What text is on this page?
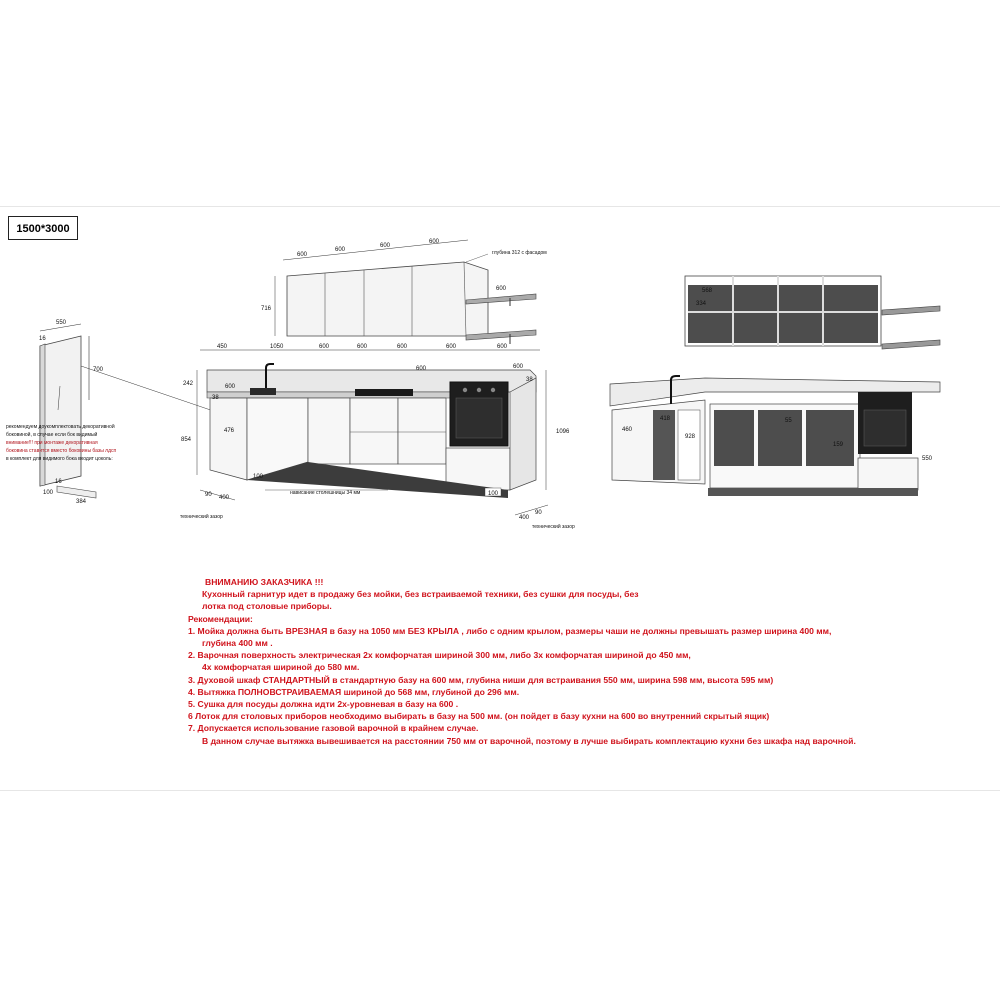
1500*3000
550
16
700
рекомендуем доукомплектовать декоративной
боковиной, в случае если бок видимый
внимание!!! при монтаже декоративная
боковина ставится вместо боковины базы лдсп
в комплект для видимого бока входит цоколь:
16
100
384
600
600
600
600
716
глубина 312 с фасадом
600
450	1050	600	600	600	600	600
600
600	600
242
854
1096
38
38
476
100
100
нависание столешницы 34 мм
90 400
технический зазор
90
400
технический зазор
568
334
460
928
418	55
159
550
ВНИМАНИЮ ЗАКАЗЧИКА !!!
Кухонный гарнитур идет в продажу без мойки, без встраиваемой техники, без сушки для посуды, без
лотка под столовые приборы.
Рекомендации:
1. Мойка должна быть ВРЕЗНАЯ в базу на 1050 мм БЕЗ КРЫЛА , либо с одним крылом, размеры чаши не должны превышать размер ширина 400 мм,
глубина 400 мм .
2. Варочная поверхность электрическая 2х комфорчатая шириной 300 мм, либо 3х комфорчатая шириной до 450 мм,
4х комфорчатая шириной до 580 мм.
3. Духовой шкаф СТАНДАРТНЫЙ в стандартную базу на 600 мм, глубина ниши для встраивания 550 мм, ширина 598 мм, высота 595 мм)
4. Вытяжка ПОЛНОВСТРАИВАЕМАЯ шириной до 568 мм, глубиной до 296 мм.
5. Сушка для посуды должна идти 2х-уровневая в базу на 600 .
6 Лоток для столовых приборов необходимо выбирать в базу на 500 мм. (он пойдет в базу кухни на 600 во внутренний скрытый ящик)
7. Допускается использование газовой варочной в крайнем случае.
В данном случае вытяжка вывешивается на расстоянии 750 мм от варочной, поэтому в лучше выбирать комплектацию кухни без шкафа над варочной.
